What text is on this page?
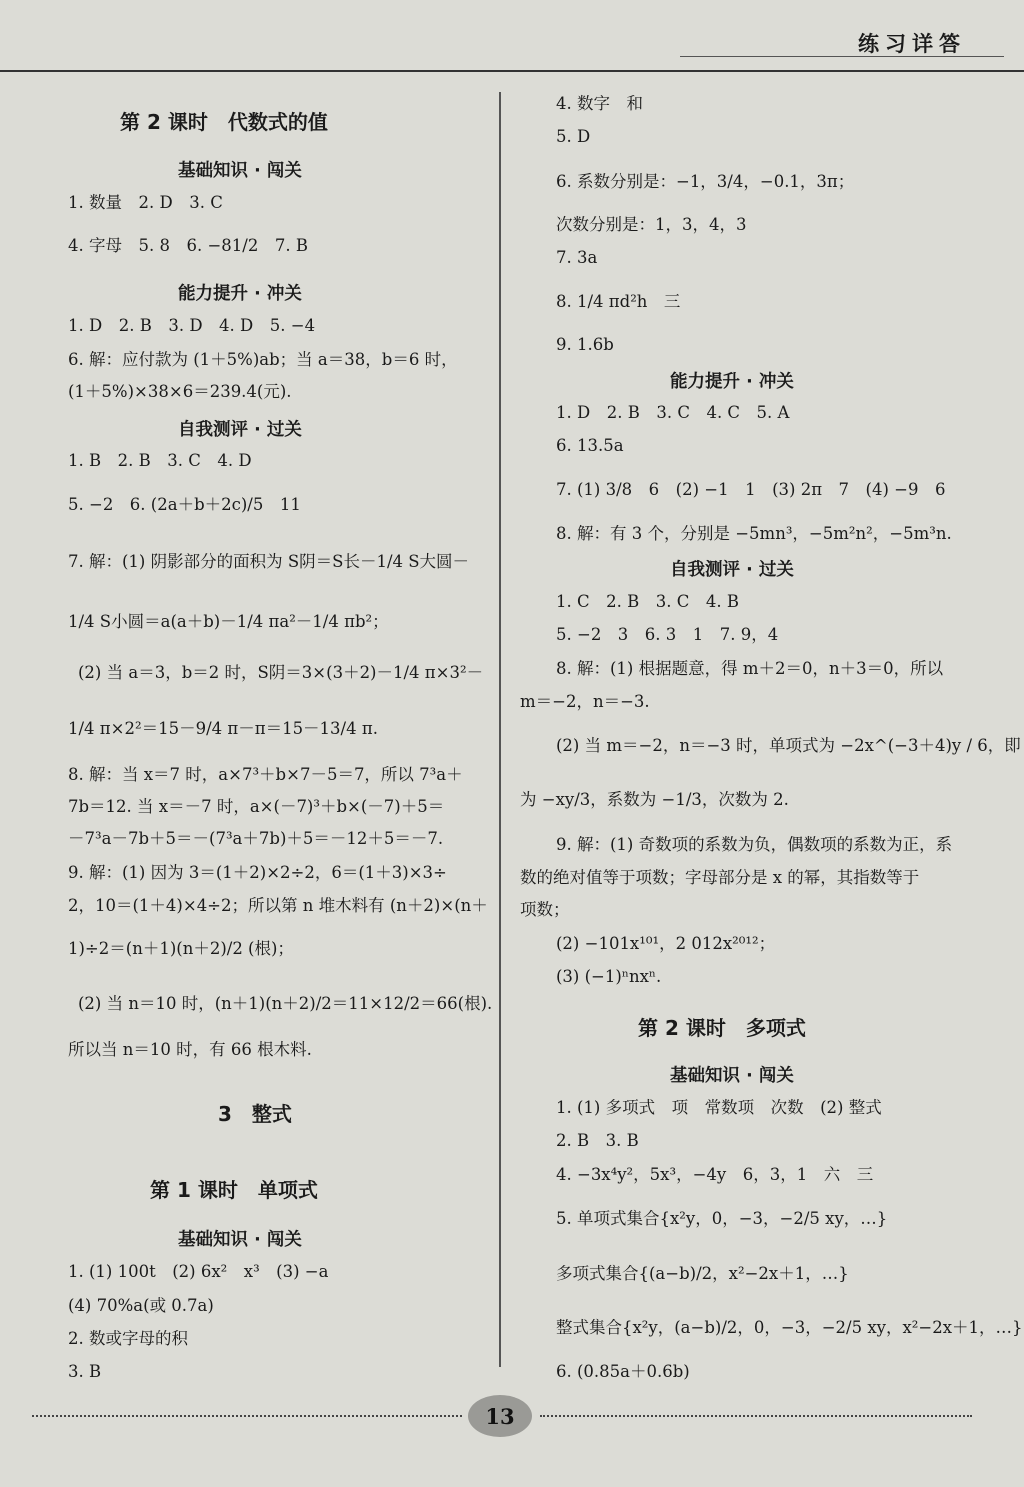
练习详答
第 2 课时　代数式的值
基础知识 · 闯关
1. 数量　2. D　3. C
4. 字母　5. 8　6. −81/2　7. B
能力提升 · 冲关
1. D　2. B　3. D　4. D　5. −4
6. 解：应付款为 (1＋5%)ab；当 a＝38，b＝6 时，
(1＋5%)×38×6＝239.4(元).
自我测评 · 过关
1. B　2. B　3. C　4. D
5. −2　6. (2a＋b＋2c)/5　11
7. 解：(1) 阴影部分的面积为 S阴＝S长－1/4 S大圆－
1/4 S小圆＝a(a＋b)－1/4 πa²－1/4 πb²；
(2) 当 a＝3，b＝2 时，S阴＝3×(3＋2)－1/4 π×3²－
1/4 π×2²＝15－9/4 π－π＝15－13/4 π.
8. 解：当 x＝7 时，a×7³＋b×7－5＝7，所以 7³a＋
7b＝12. 当 x＝－7 时，a×(－7)³＋b×(－7)＋5＝
－7³a－7b＋5＝－(7³a＋7b)＋5＝－12＋5＝－7.
9. 解：(1) 因为 3＝(1＋2)×2÷2，6＝(1＋3)×3÷
2，10＝(1＋4)×4÷2；所以第 n 堆木料有 (n＋2)×(n＋
1)÷2＝(n＋1)(n＋2)/2 (根)；
(2) 当 n＝10 时，(n＋1)(n＋2)/2＝11×12/2＝66(根).
所以当 n＝10 时，有 66 根木料.
3　整式
第 1 课时　单项式
基础知识 · 闯关
1. (1) 100t　(2) 6x²　x³　(3) −a
(4) 70%a(或 0.7a)
2. 数或字母的积
3. B
4. 数字　和
5. D
6. 系数分别是：−1，3/4，−0.1，3π；
次数分别是：1，3，4，3
7. 3a
8. 1/4 πd²h　三
9. 1.6b
能力提升 · 冲关
1. D　2. B　3. C　4. C　5. A
6. 13.5a
7. (1) 3/8　6　(2) −1　1　(3) 2π　7　(4) −9　6
8. 解：有 3 个，分别是 −5mn³，−5m²n²，−5m³n.
自我测评 · 过关
1. C　2. B　3. C　4. B
5. −2　3　6. 3　1　7. 9，4
8. 解：(1) 根据题意，得 m＋2＝0，n＋3＝0，所以
m＝−2，n＝−3.
(2) 当 m＝−2，n＝−3 时，单项式为 −2x^(−3＋4)y / 6，即
为 −xy/3，系数为 −1/3，次数为 2.
9. 解：(1) 奇数项的系数为负，偶数项的系数为正，系
数的绝对值等于项数；字母部分是 x 的幂，其指数等于
项数；
(2) −101x¹⁰¹，2 012x²⁰¹²；
(3) (−1)ⁿnxⁿ.
第 2 课时　多项式
基础知识 · 闯关
1. (1) 多项式　项　常数项　次数　(2) 整式
2. B　3. B
4. −3x⁴y²，5x³，−4y　6，3，1　六　三
5. 单项式集合{x²y，0，−3，−2/5 xy，…}
多项式集合{(a−b)/2，x²−2x＋1，…}
整式集合{x²y，(a−b)/2，0，−3，−2/5 xy，x²−2x＋1，…}
6. (0.85a＋0.6b)
13
